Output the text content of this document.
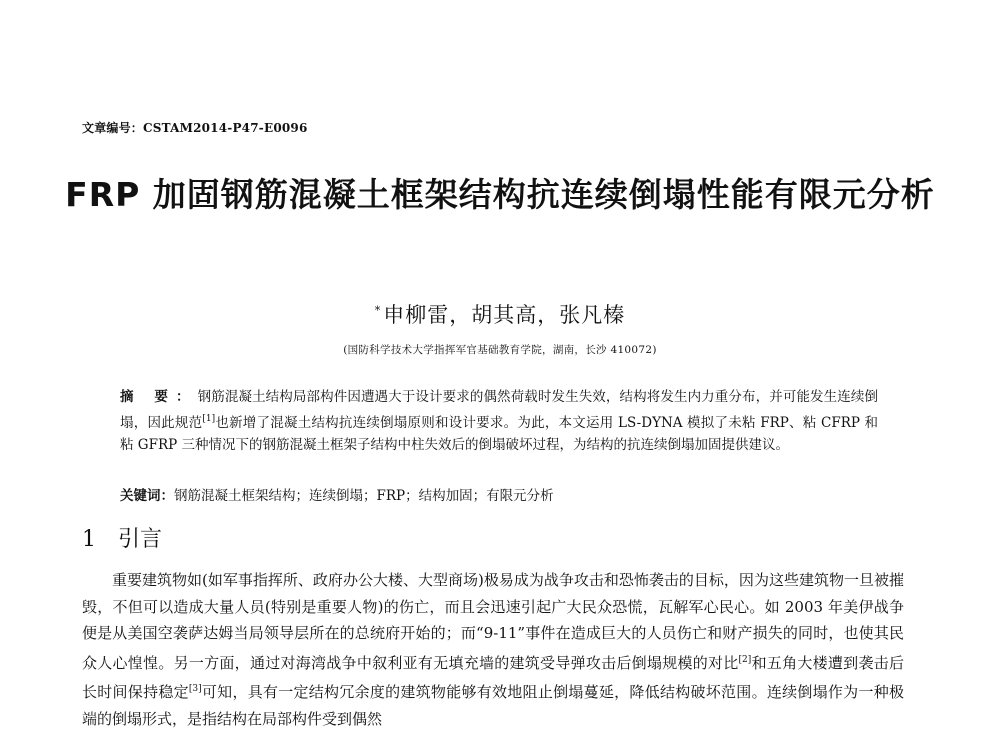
文章编号：CSTAM2014-P47-E0096
FRP 加固钢筋混凝土框架结构抗连续倒塌性能有限元分析
*申柳雷，胡其高，张凡榛
(国防科学技术大学指挥军官基础教育学院，湖南，长沙 410072)
摘 要：钢筋混凝土结构局部构件因遭遇大于设计要求的偶然荷载时发生失效，结构将发生内力重分布，并可能发生连续倒塌，因此规范[1]也新增了混凝土结构抗连续倒塌原则和设计要求。为此，本文运用 LS-DYNA 模拟了未粘 FRP、粘 CFRP 和粘 GFRP 三种情况下的钢筋混凝土框架子结构中柱失效后的倒塌破坏过程，为结构的抗连续倒塌加固提供建议。
关键词：钢筋混凝土框架结构；连续倒塌；FRP；结构加固；有限元分析
1 引言

重要建筑物如(如军事指挥所、政府办公大楼、大型商场)极易成为战争攻击和恐怖袭击的目标，因为这些建筑物一旦被摧毁，不但可以造成大量人员(特别是重要人物)的伤亡，而且会迅速引起广大民众恐慌，瓦解军心民心。如 2003 年美伊战争便是从美国空袭萨达姆当局领导层所在的总统府开始的；而“9-11”事件在造成巨大的人员伤亡和财产损失的同时，也使其民众人心惶惶。另一方面，通过对海湾战争中叙利亚有无填充墙的建筑受导弹攻击后倒塌规模的对比[2]和五角大楼遭到袭击后长时间保持稳定[3]可知，具有一定结构冗余度的建筑物能够有效地阻止倒塌蔓延，降低结构破坏范围。连续倒塌作为一种极端的倒塌形式，是指结构在局部构件受到偶然
